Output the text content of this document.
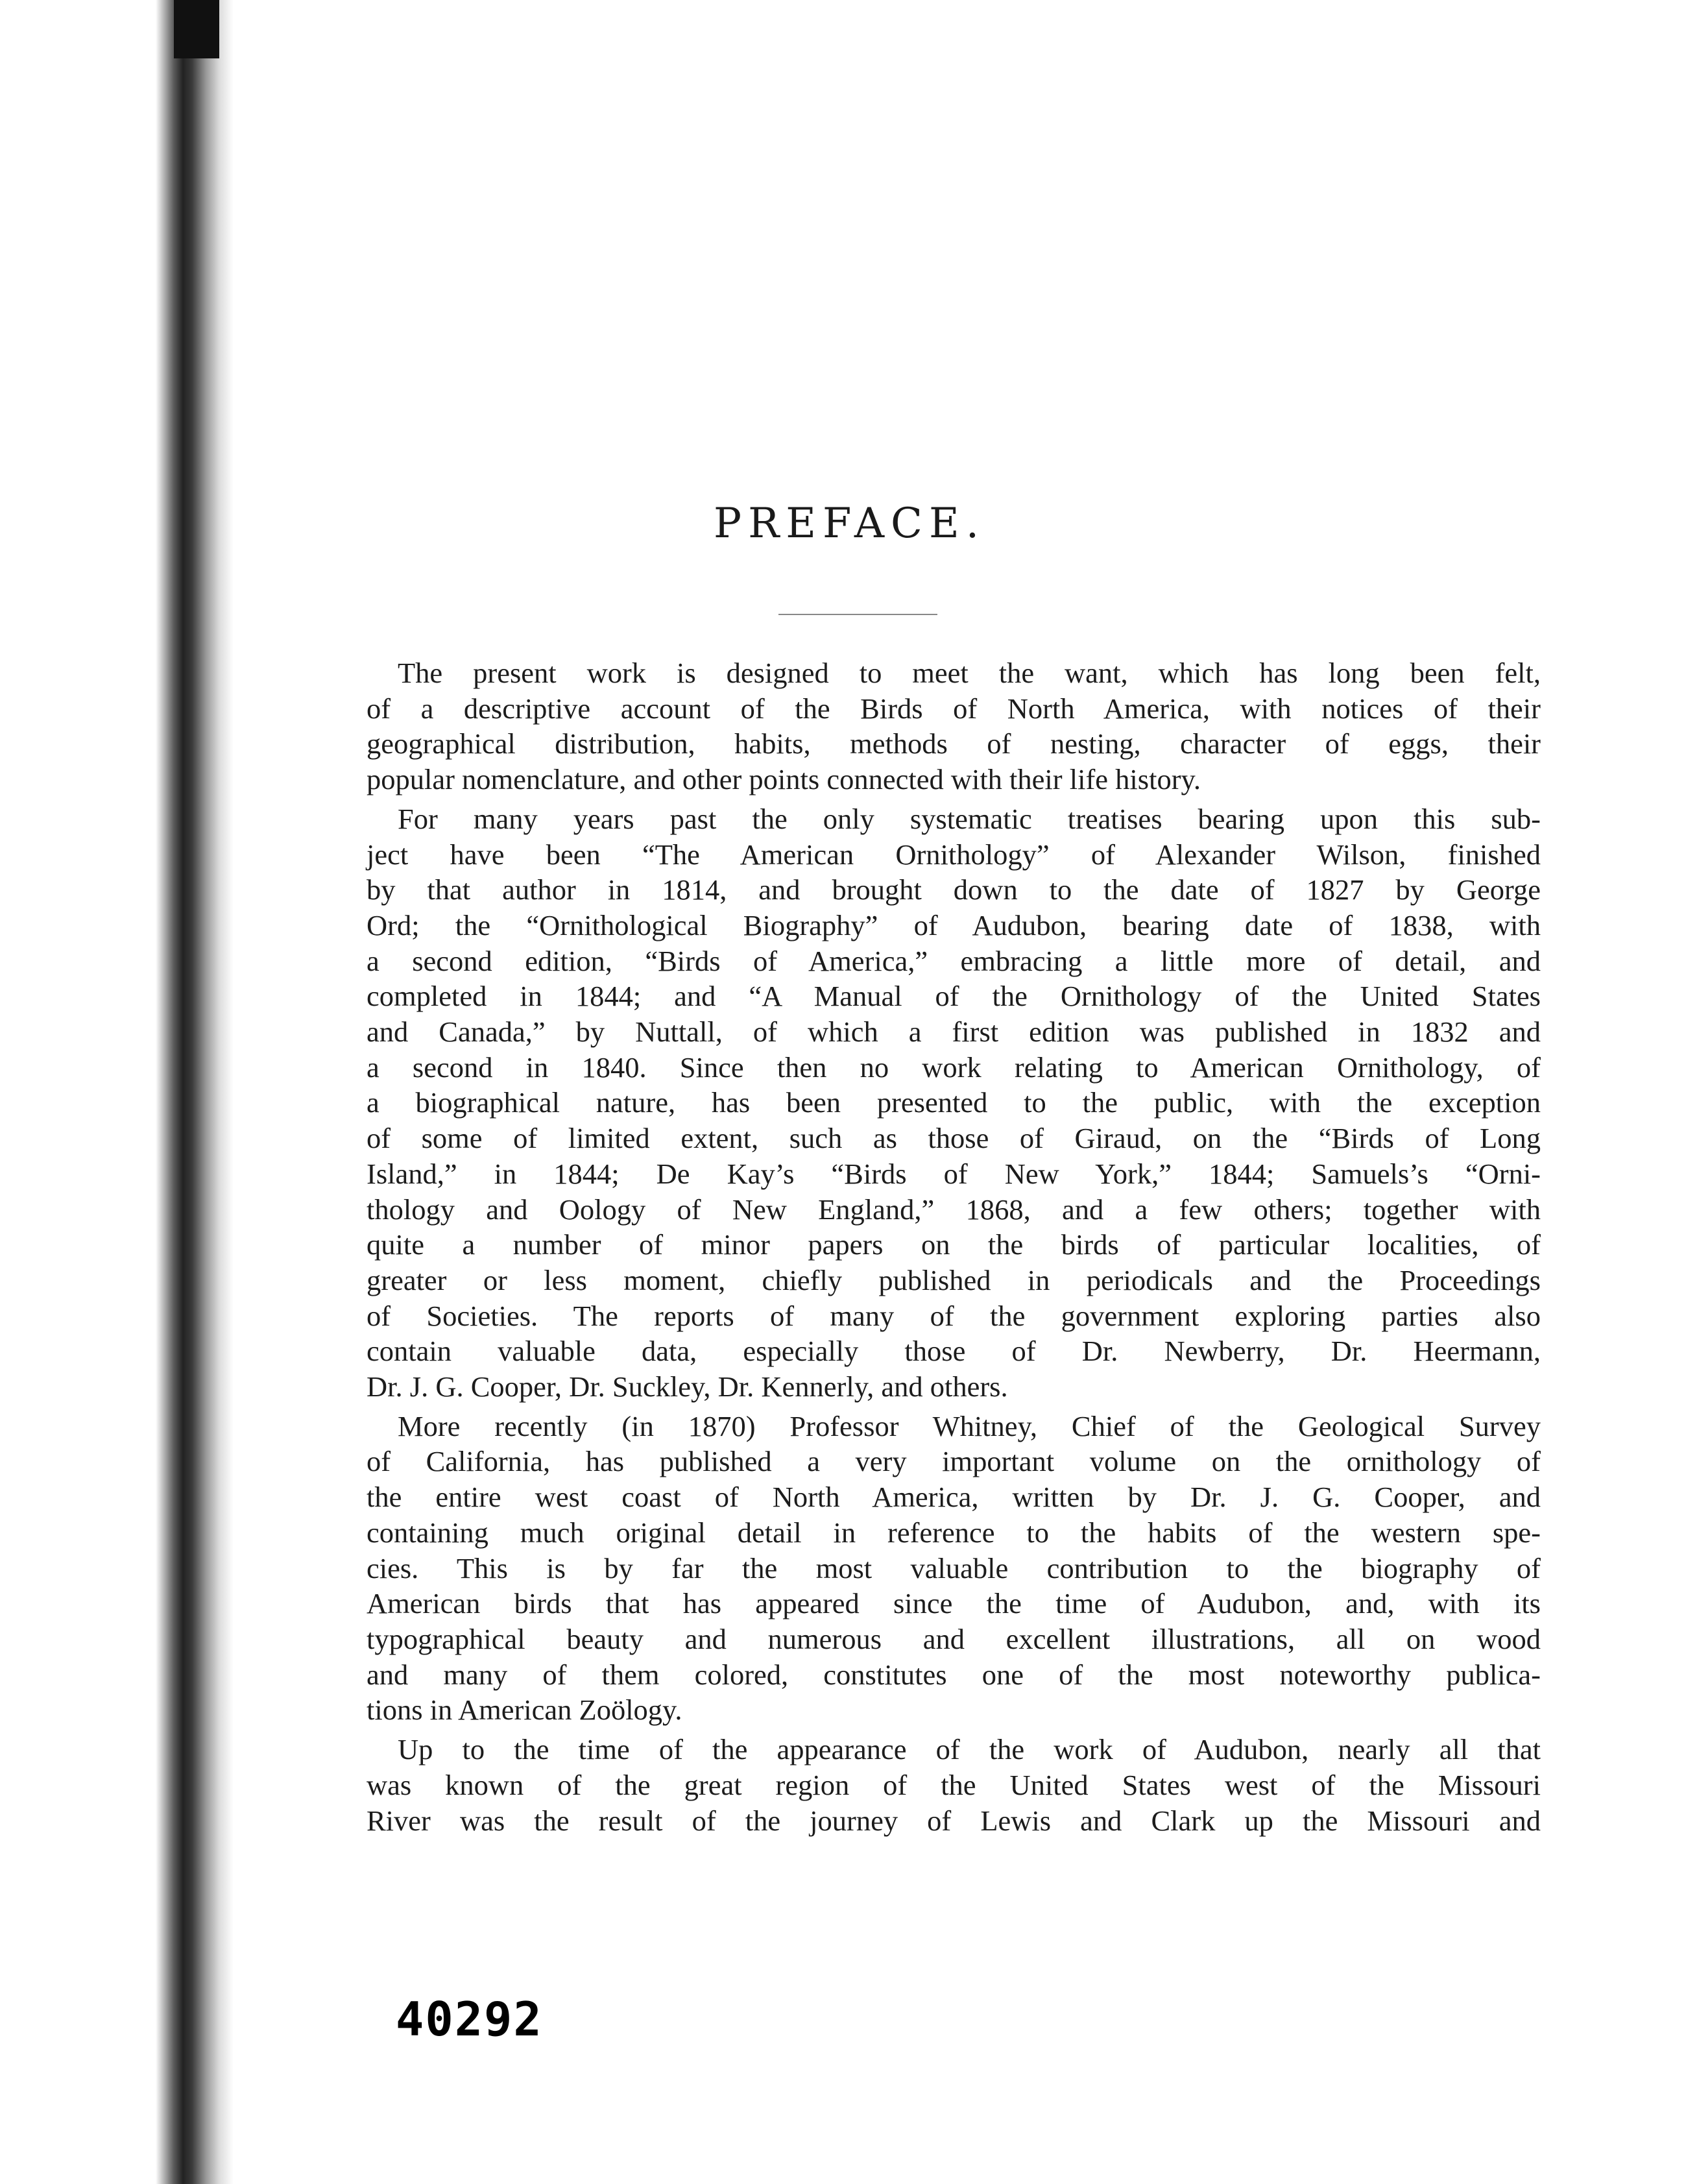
PREFACE.
The present work is designed to meet the want, which has long been felt,
of a descriptive account of the Birds of North America, with notices of their
geographical distribution, habits, methods of nesting, character of eggs, their
popular nomenclature, and other points connected with their life history.
For many years past the only systematic treatises bearing upon this sub-
ject have been “The American Ornithology” of Alexander Wilson, finished
by that author in 1814, and brought down to the date of 1827 by George
Ord; the “Ornithological Biography” of Audubon, bearing date of 1838, with
a second edition, “Birds of America,” embracing a little more of detail, and
completed in 1844; and “A Manual of the Ornithology of the United States
and Canada,” by Nuttall, of which a first edition was published in 1832 and
a second in 1840. Since then no work relating to American Ornithology, of
a biographical nature, has been presented to the public, with the exception
of some of limited extent, such as those of Giraud, on the “Birds of Long
Island,” in 1844; De Kay’s “Birds of New York,” 1844; Samuels’s “Orni-
thology and Oology of New England,” 1868, and a few others; together with
quite a number of minor papers on the birds of particular localities, of
greater or less moment, chiefly published in periodicals and the Proceedings
of Societies. The reports of many of the government exploring parties also
contain valuable data, especially those of Dr. Newberry, Dr. Heermann,
Dr. J. G. Cooper, Dr. Suckley, Dr. Kennerly, and others.
More recently (in 1870) Professor Whitney, Chief of the Geological Survey
of California, has published a very important volume on the ornithology of
the entire west coast of North America, written by Dr. J. G. Cooper, and
containing much original detail in reference to the habits of the western spe-
cies. This is by far the most valuable contribution to the biography of
American birds that has appeared since the time of Audubon, and, with its
typographical beauty and numerous and excellent illustrations, all on wood
and many of them colored, constitutes one of the most noteworthy publica-
tions in American Zoölogy.
Up to the time of the appearance of the work of Audubon, nearly all that
was known of the great region of the United States west of the Missouri
River was the result of the journey of Lewis and Clark up the Missouri and
40292
